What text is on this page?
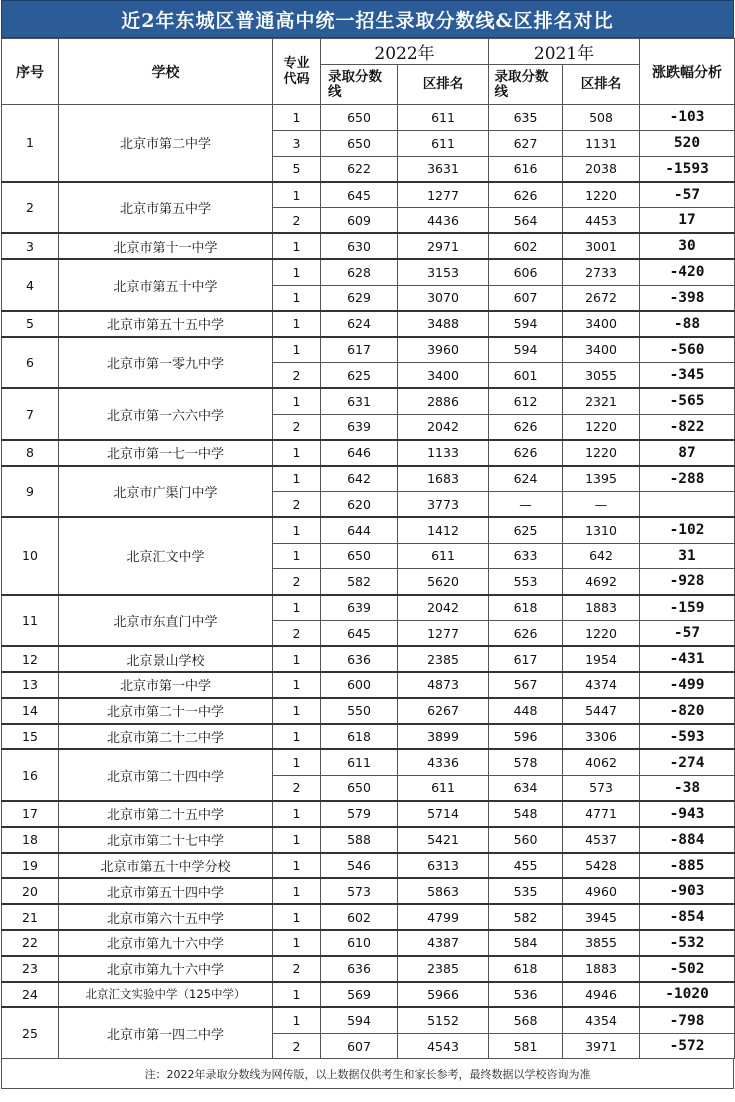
近2年东城区普通高中统一招生录取分数线&区排名对比
序号	学校	专业代码	2022年		2021年		涨跌幅分析
			录取分数线	区排名	录取分数线	区排名	
1	北京市第二中学	1	650	611	635	508	-103
		3	650	611	627	1131	520
		5	622	3631	616	2038	-1593
2	北京市第五中学	1	645	1277	626	1220	-57
		2	609	4436	564	4453	17
3	北京市第十一中学	1	630	2971	602	3001	30
4	北京市第五十中学	1	628	3153	606	2733	-420
		1	629	3070	607	2672	-398
5	北京市第五十五中学	1	624	3488	594	3400	-88
6	北京市第一零九中学	1	617	3960	594	3400	-560
		2	625	3400	601	3055	-345
7	北京市第一六六中学	1	631	2886	612	2321	-565
		2	639	2042	626	1220	-822
8	北京市第一七一中学	1	646	1133	626	1220	87
9	北京市广渠门中学	1	642	1683	624	1395	-288
		2	620	3773	—	—	
10	北京汇文中学	1	644	1412	625	1310	-102
		1	650	611	633	642	31
		2	582	5620	553	4692	-928
11	北京市东直门中学	1	639	2042	618	1883	-159
		2	645	1277	626	1220	-57
12	北京景山学校	1	636	2385	617	1954	-431
13	北京市第一中学	1	600	4873	567	4374	-499
14	北京市第二十一中学	1	550	6267	448	5447	-820
15	北京市第二十二中学	1	618	3899	596	3306	-593
16	北京市第二十四中学	1	611	4336	578	4062	-274
		2	650	611	634	573	-38
17	北京市第二十五中学	1	579	5714	548	4771	-943
18	北京市第二十七中学	1	588	5421	560	4537	-884
19	北京市第五十中学分校	1	546	6313	455	5428	-885
20	北京市第五十四中学	1	573	5863	535	4960	-903
21	北京市第六十五中学	1	602	4799	582	3945	-854
22	北京市第九十六中学	1	610	4387	584	3855	-532
23	北京市第九十六中学	2	636	2385	618	1883	-502
24	北京汇文实验中学（125中学）	1	569	5966	536	4946	-1020
25	北京市第一四二中学	1	594	5152	568	4354	-798
		2	607	4543	581	3971	-572
注：2022年录取分数线为网传版，以上数据仅供考生和家长参考，最终数据以学校咨询为准
